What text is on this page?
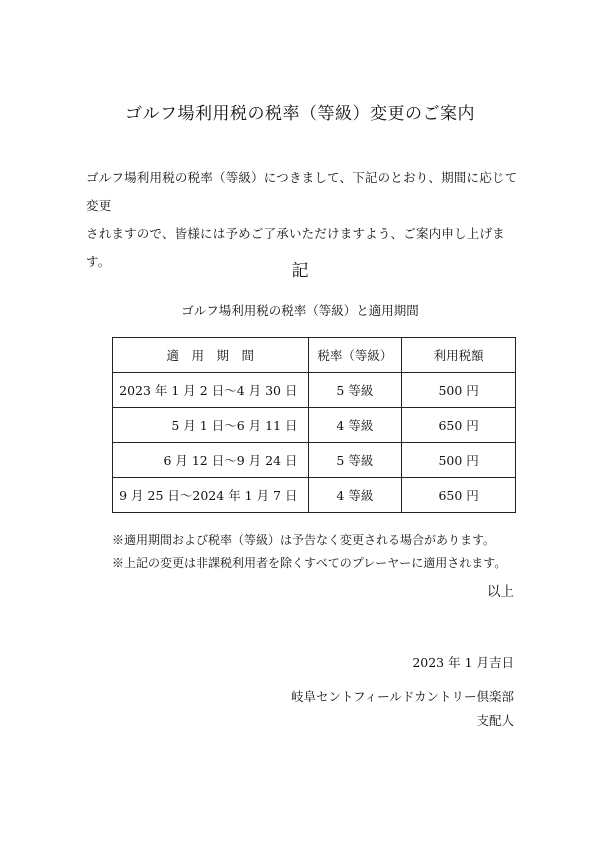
ゴルフ場利用税の税率（等級）変更のご案内
ゴルフ場利用税の税率（等級）につきまして、下記のとおり、期間に応じて変更
されますので、皆様には予めご了承いただけますよう、ご案内申し上げます。	記
ゴルフ場利用税の税率（等級）と適用期間
適　用　期　間	税率（等級）	利用税額
2023 年 1 月 2 日～4 月 30 日	5 等級	500 円
5 月 1 日～6 月 11 日	4 等級	650 円
6 月 12 日～9 月 24 日	5 等級	500 円
9 月 25 日～2024 年 1 月 7 日	4 等級	650 円
※適用期間および税率（等級）は予告なく変更される場合があります。
※上記の変更は非課税利用者を除くすべてのプレーヤーに適用されます。
以上
2023 年 1 月吉日
岐阜セントフィールドカントリー倶楽部
支配人
